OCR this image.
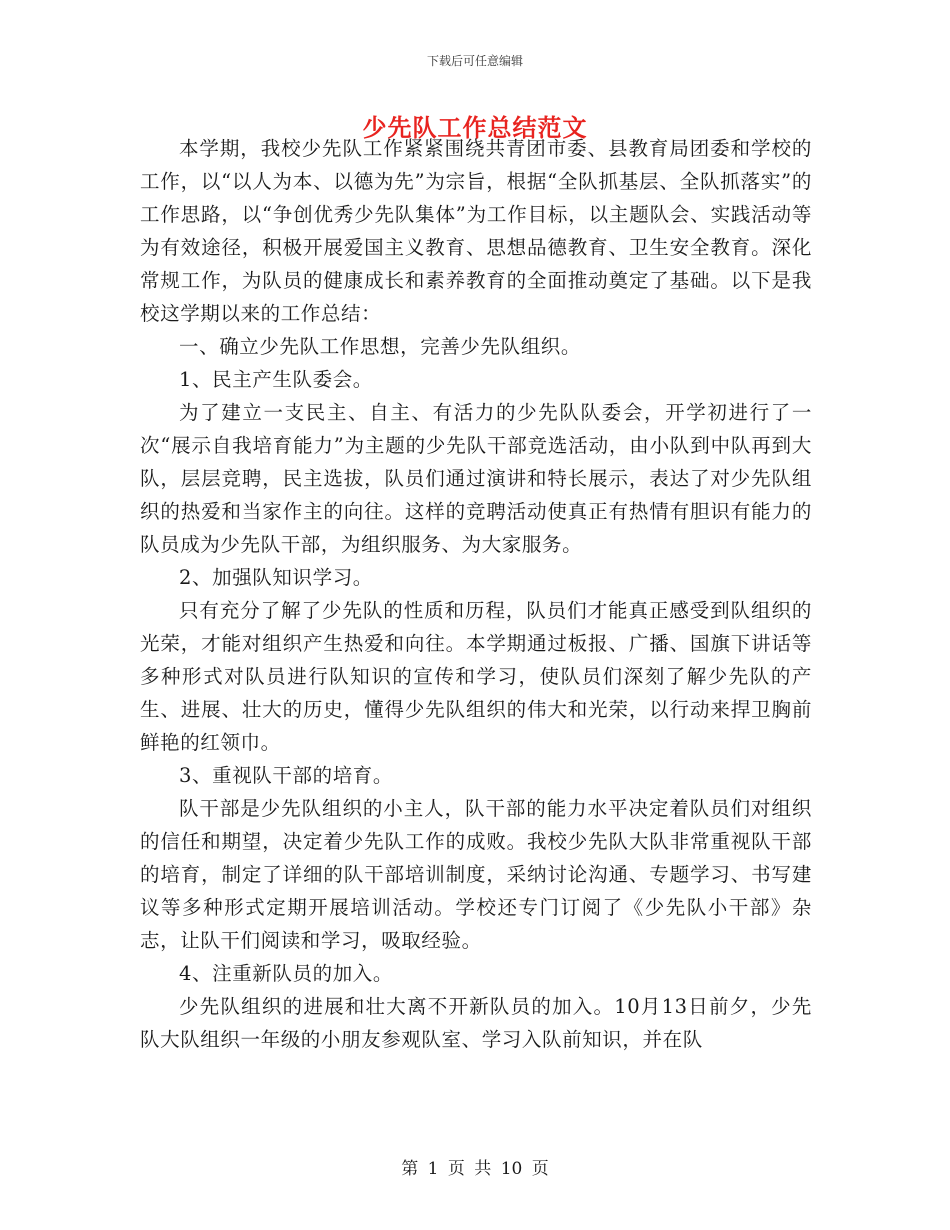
下载后可任意编辑
少先队工作总结范文

本学期，我校少先队工作紧紧围绕共青团市委、县教育局团委和学校的工作，以“以人为本、以德为先”为宗旨，根据“全队抓基层、全队抓落实”的工作思路，以“争创优秀少先队集体”为工作目标，以主题队会、实践活动等为有效途径，积极开展爱国主义教育、思想品德教育、卫生安全教育。深化常规工作，为队员的健康成长和素养教育的全面推动奠定了基础。以下是我校这学期以来的工作总结：

一、确立少先队工作思想，完善少先队组织。

1、民主产生队委会。

为了建立一支民主、自主、有活力的少先队队委会，开学初进行了一次“展示自我培育能力”为主题的少先队干部竞选活动，由小队到中队再到大队，层层竞聘，民主选拔，队员们通过演讲和特长展示，表达了对少先队组织的热爱和当家作主的向往。这样的竞聘活动使真正有热情有胆识有能力的队员成为少先队干部，为组织服务、为大家服务。

2、加强队知识学习。

只有充分了解了少先队的性质和历程，队员们才能真正感受到队组织的光荣，才能对组织产生热爱和向往。本学期通过板报、广播、国旗下讲话等多种形式对队员进行队知识的宣传和学习，使队员们深刻了解少先队的产生、进展、壮大的历史，懂得少先队组织的伟大和光荣，以行动来捍卫胸前鲜艳的红领巾。

3、重视队干部的培育。

队干部是少先队组织的小主人，队干部的能力水平决定着队员们对组织的信任和期望，决定着少先队工作的成败。我校少先队大队非常重视队干部的培育，制定了详细的队干部培训制度，采纳讨论沟通、专题学习、书写建议等多种形式定期开展培训活动。学校还专门订阅了《少先队小干部》杂志，让队干们阅读和学习，吸取经验。

4、注重新队员的加入。

少先队组织的进展和壮大离不开新队员的加入。10月13日前夕，少先队大队组织一年级的小朋友参观队室、学习入队前知识，并在队

第 1 页 共 10 页
